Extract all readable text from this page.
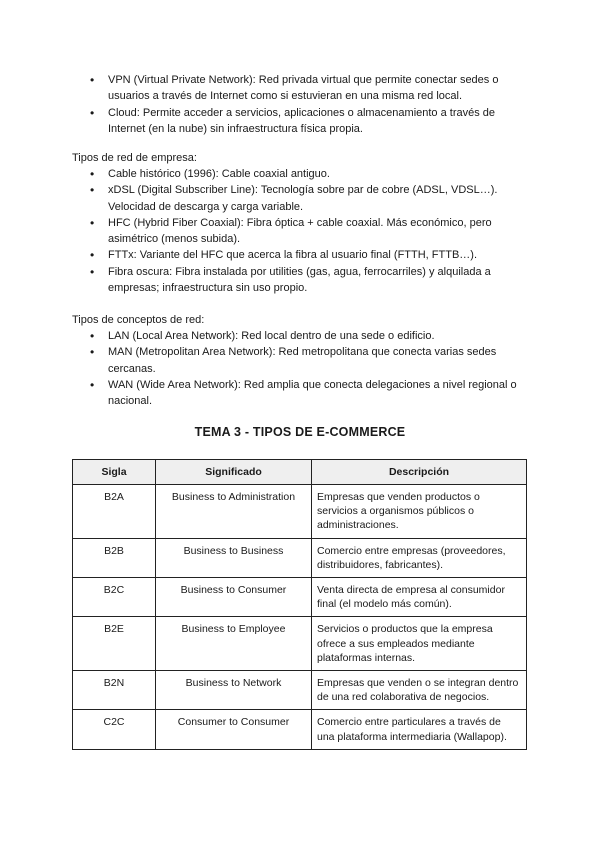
• VPN (Virtual Private Network): Red privada virtual que permite conectar sedes o usuarios a través de Internet como si estuvieran en una misma red local.
• Cloud: Permite acceder a servicios, aplicaciones o almacenamiento a través de Internet (en la nube) sin infraestructura física propia.

Tipos de red de empresa:

• Cable histórico (1996): Cable coaxial antiguo.
• xDSL (Digital Subscriber Line): Tecnología sobre par de cobre (ADSL, VDSL…). Velocidad de descarga y carga variable.
• HFC (Hybrid Fiber Coaxial): Fibra óptica + cable coaxial. Más económico, pero asimétrico (menos subida).
• FTTx: Variante del HFC que acerca la fibra al usuario final (FTTH, FTTB…).
• Fibra oscura: Fibra instalada por utilities (gas, agua, ferrocarriles) y alquilada a empresas; infraestructura sin uso propio.

Tipos de conceptos de red:

• LAN (Local Area Network): Red local dentro de una sede o edificio.
• MAN (Metropolitan Area Network): Red metropolitana que conecta varias sedes cercanas.
• WAN (Wide Area Network): Red amplia que conecta delegaciones a nivel regional o nacional.
TEMA 3 - TIPOS DE E-COMMERCE
Sigla	Significado	Descripción
B2A	Business to Administration	Empresas que venden productos o servicios a organismos públicos o administraciones.
B2B	Business to Business	Comercio entre empresas (proveedores, distribuidores, fabricantes).
B2C	Business to Consumer	Venta directa de empresa al consumidor final (el modelo más común).
B2E	Business to Employee	Servicios o productos que la empresa ofrece a sus empleados mediante plataformas internas.
B2N	Business to Network	Empresas que venden o se integran dentro de una red colaborativa de negocios.
C2C	Consumer to Consumer	Comercio entre particulares a través de una plataforma intermediaria (Wallapop).
